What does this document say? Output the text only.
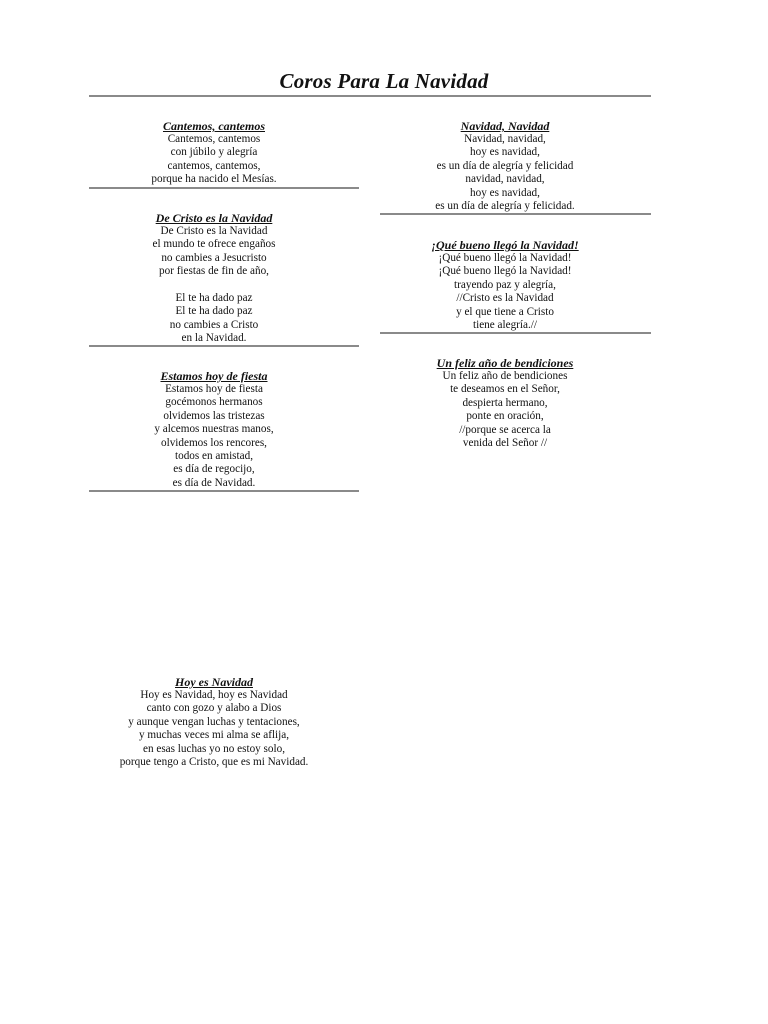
Coros Para La Navidad
Cantemos, cantemos
Cantemos, cantemos
con júbilo y alegría
cantemos, cantemos,
porque ha nacido el Mesías.
De Cristo es la Navidad
De Cristo es la Navidad
el mundo te ofrece engaños
no cambies a Jesucristo
por fiestas de fin de año,
El te ha dado paz
El te ha dado paz
no cambies a Cristo
en la Navidad.
Estamos hoy de fiesta
Estamos hoy de fiesta
gocémonos hermanos
olvidemos las tristezas
y alcemos nuestras manos,
olvidemos los rencores,
todos en amistad,
es día de regocijo,
es día de Navidad.
Navidad, Navidad
Navidad, navidad,
hoy es navidad,
es un día de alegría y felicidad
navidad, navidad,
hoy es navidad,
es un día de alegría y felicidad.
¡Qué bueno llegó la Navidad!
¡Qué bueno llegó la Navidad!
¡Qué bueno llegó la Navidad!
trayendo paz y alegría,
//Cristo es la Navidad
y el que tiene a Cristo
tiene alegría.//
Un feliz año de bendiciones
Un feliz año de bendiciones
te deseamos en el Señor,
despierta hermano,
ponte en oración,
//porque se acerca la
venida del Señor //
Hoy es Navidad
Hoy es Navidad, hoy es Navidad
canto con gozo y alabo a Dios
y aunque vengan luchas y tentaciones,
y muchas veces mi alma se aflija,
en esas luchas yo no estoy solo,
porque tengo a Cristo, que es mi Navidad.
